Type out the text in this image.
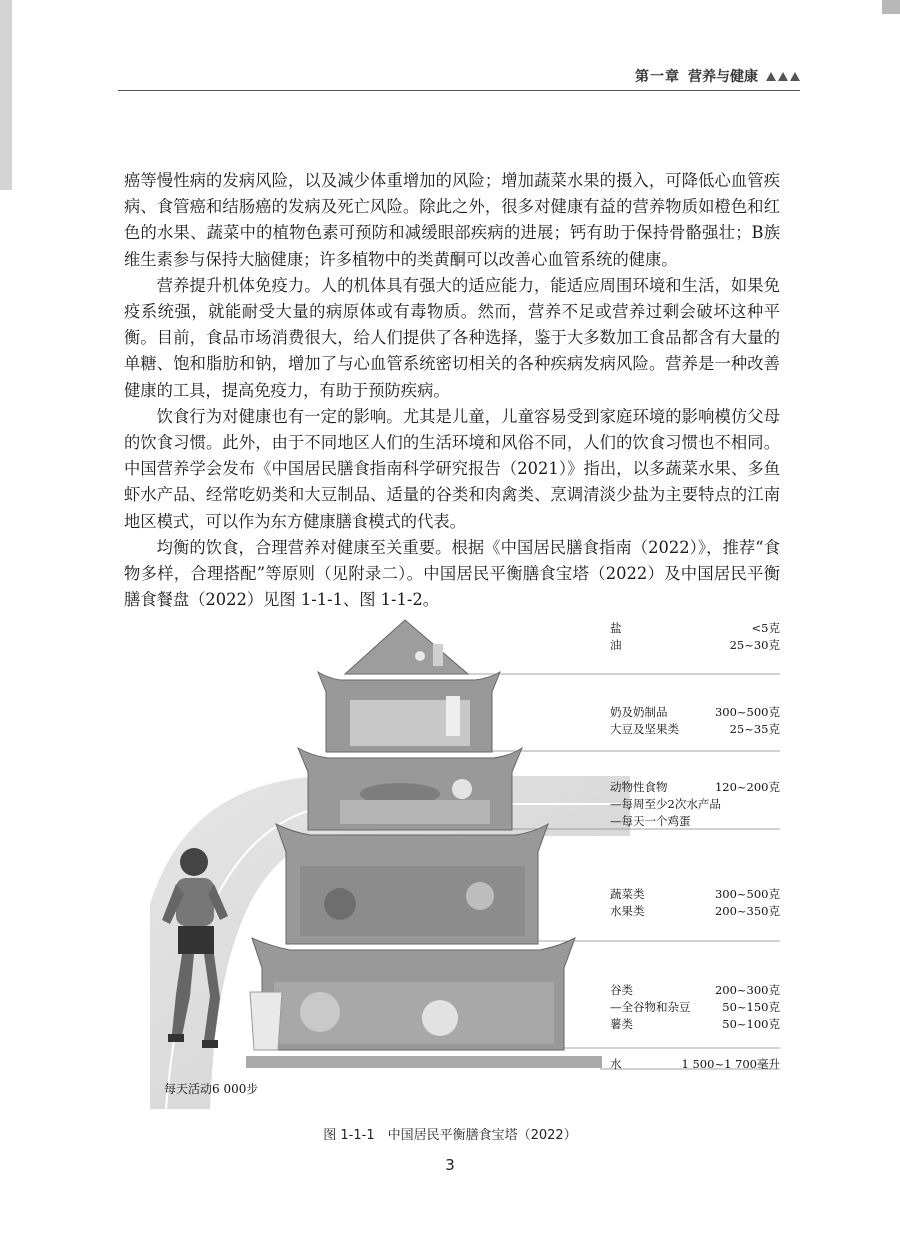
第一章 营养与健康

癌等慢性病的发病风险，以及减少体重增加的风险；增加蔬菜水果的摄入，可降低心血管疾病、食管癌和结肠癌的发病及死亡风险。除此之外，很多对健康有益的营养物质如橙色和红色的水果、蔬菜中的植物色素可预防和减缓眼部疾病的进展；钙有助于保持骨骼强壮；B族维生素参与保持大脑健康；许多植物中的类黄酮可以改善心血管系统的健康。

营养提升机体免疫力。人的机体具有强大的适应能力，能适应周围环境和生活，如果免疫系统强，就能耐受大量的病原体或有毒物质。然而，营养不足或营养过剩会破坏这种平衡。目前，食品市场消费很大，给人们提供了各种选择，鉴于大多数加工食品都含有大量的单糖、饱和脂肪和钠，增加了与心血管系统密切相关的各种疾病发病风险。营养是一种改善健康的工具，提高免疫力，有助于预防疾病。

饮食行为对健康也有一定的影响。尤其是儿童，儿童容易受到家庭环境的影响模仿父母的饮食习惯。此外，由于不同地区人们的生活环境和风俗不同，人们的饮食习惯也不相同。中国营养学会发布《中国居民膳食指南科学研究报告（2021）》指出，以多蔬菜水果、多鱼虾水产品、经常吃奶类和大豆制品、适量的谷类和肉禽类、烹调清淡少盐为主要特点的江南地区模式，可以作为东方健康膳食模式的代表。

均衡的饮食，合理营养对健康至关重要。根据《中国居民膳食指南（2022）》，推荐“食物多样，合理搭配”等原则（见附录二）。中国居民平衡膳食宝塔（2022）及中国居民平衡膳食餐盘（2022）见图 1-1-1、图 1-1-2。

盐	<5克
油	25~30克
奶及奶制品	300~500克
大豆及坚果类	25~35克
动物性食物	120~200克
—每周至少2次水产品
—每天一个鸡蛋
蔬菜类	300~500克
水果类	200~350克
谷类	200~300克
—全谷物和杂豆	50~150克
薯类	50~100克
水	1 500~1 700毫升
每天活动6 000步
图 1-1-1　中国居民平衡膳食宝塔（2022）
3
